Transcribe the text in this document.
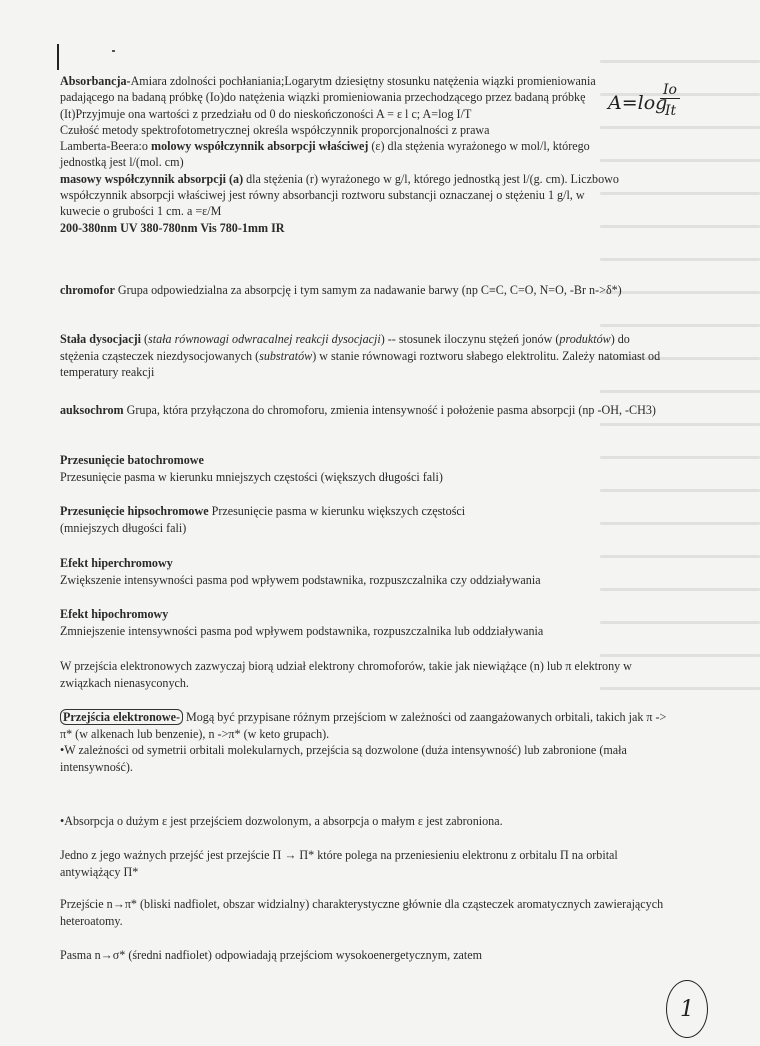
Absorbancja-Amiara zdolności pochłaniania;Logarytm dziesiętny stosunku natężenia wiązki promieniowania padającego na badaną próbkę (Io)do natężenia wiązki promieniowania przechodzącego przez badaną próbkę (It)Przyjmuje ona wartości z przedziału od 0 do nieskończoności A = ε l c; A=log I/T

Czułość metody spektrofotometrycznej określa współczynnik proporcjonalności z prawa

Lamberta-Beera:o molowy współczynnik absorpcji właściwej (ε) dla stężenia wyrażonego w mol/l, którego jednostką jest l/(mol. cm)

masowy współczynnik absorpcji (a) dla stężenia (r) wyrażonego w g/l, którego jednostką jest l/(g. cm). Liczbowo współczynnik absorpcji właściwej jest równy absorbancji roztworu substancji oznaczanej o stężeniu 1 g/l, w kuwecie o grubości 1 cm. a =ε/M

200-380nm UV 380-780nm Vis 780-1mm IR

chromofor Grupa odpowiedzialna za absorpcję i tym samym za nadawanie barwy (np C≡C, C=O, N=O, -Br n->δ*)

Stała dysocjacji (stała równowagi odwracalnej reakcji dysocjacji) -- stosunek iloczynu stężeń jonów (produktów) do stężenia cząsteczek niezdysocjowanych (substratów) w stanie równowagi roztworu słabego elektrolitu. Zależy natomiast od temperatury reakcji

auksochrom Grupa, która przyłączona do chromoforu, zmienia intensywność i położenie pasma absorpcji (np -OH, -CH3)

Przesunięcie batochromowe
Przesunięcie pasma w kierunku mniejszych częstości (większych długości fali)

Przesunięcie hipsochromowe Przesunięcie pasma w kierunku większych częstości (mniejszych długości fali)

Efekt hiperchromowy
Zwiększenie intensywności pasma pod wpływem podstawnika, rozpuszczalnika czy oddziaływania

Efekt hipochromowy
Zmniejszenie intensywności pasma pod wpływem podstawnika, rozpuszczalnika lub oddziaływania

W przejścia elektronowych zazwyczaj biorą udział elektrony chromoforów, takie jak niewiążące (n) lub π elektrony w związkach nienasyconych.

Przejścia elektronowe- Mogą być przypisane różnym przejściom w zależności od zaangażowanych orbitali, takich jak π -> π* (w alkenach lub benzenie), n ->π* (w keto grupach).
•W zależności od symetrii orbitali molekularnych, przejścia są dozwolone (duża intensywność) lub zabronione (mała intensywność).

•Absorpcja o dużym ε jest przejściem dozwolonym, a absorpcja o małym ε jest zabroniona.

Jedno z jego ważnych przejść jest przejście Π → Π* które polega na przeniesieniu elektronu z orbitalu Π na orbital antywiążący Π*

Przejście n→π* (bliski nadfiolet, obszar widzialny) charakterystyczne głównie dla cząsteczek aromatycznych zawierających heteroatomy.

Pasma n→σ* (średni nadfiolet) odpowiadają przejściom wysokoenergetycznym, zatem

A=log
Io
It
1
